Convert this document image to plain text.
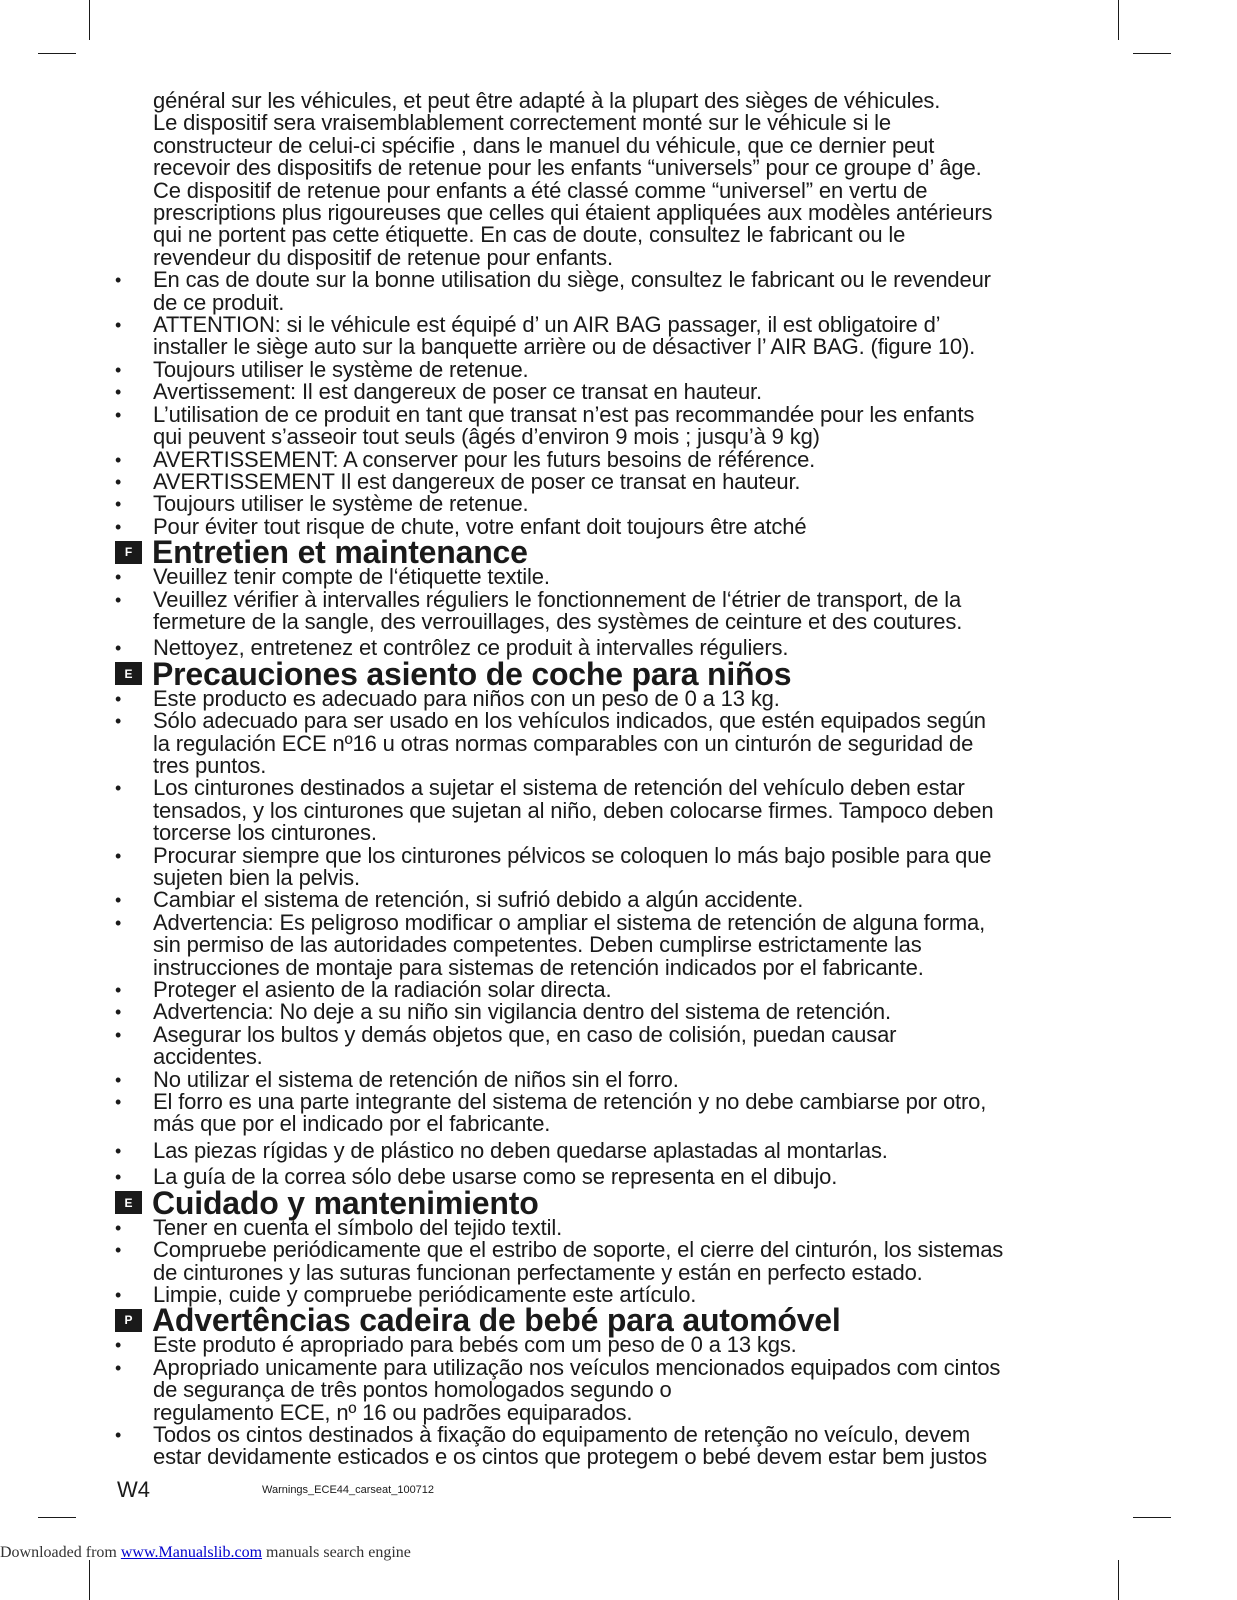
général sur les véhicules, et peut être adapté à la plupart des sièges de véhicules.
Le dispositif sera vraisemblablement correctement monté sur le véhicule si le
constructeur de celui-ci spécifie , dans le manuel du véhicule, que ce dernier peut
recevoir des dispositifs de retenue pour les enfants “universels” pour ce groupe d’ âge.
Ce dispositif de retenue pour enfants a été classé comme “universel” en vertu de
prescriptions plus rigoureuses que celles qui étaient appliquées aux modèles antérieurs
qui ne portent pas cette étiquette. En cas de doute, consultez le fabricant ou le
revendeur du dispositif de retenue pour enfants.

• En cas de doute sur la bonne utilisation du siège, consultez le fabricant ou le revendeur
de ce produit.
• ATTENTION: si le véhicule est équipé d’ un AIR BAG passager, il est obligatoire d’
installer le siège auto sur la banquette arrière ou de désactiver l’ AIR BAG. (figure 10).
• Toujours utiliser le système de retenue.
• Avertissement: Il est dangereux de poser ce transat en hauteur.
• L’utilisation de ce produit en tant que transat n’est pas recommandée pour les enfants
qui peuvent s’asseoir tout seuls (âgés d’environ 9 mois ; jusqu’à 9 kg)
• AVERTISSEMENT: A conserver pour les futurs besoins de référence.
• AVERTISSEMENT Il est dangereux de poser ce transat en hauteur.
• Toujours utiliser le système de retenue.
• Pour éviter tout risque de chute, votre enfant doit toujours être atché
F Entretien et maintenance
• Veuillez tenir compte de l‘étiquette textile.
• Veuillez vérifier à intervalles réguliers le fonctionnement de l‘étrier de transport, de la
fermeture de la sangle, des verrouillages, des systèmes de ceinture et des coutures.
• Nettoyez, entretenez et contrôlez ce produit à intervalles réguliers.
E Precauciones asiento de coche para niños
• Este producto es adecuado para niños con un peso de 0 a 13 kg.
• Sólo adecuado para ser usado en los vehículos indicados, que estén equipados según
la regulación ECE nº16 u otras normas comparables con un cinturón de seguridad de
tres puntos.
• Los cinturones destinados a sujetar el sistema de retención del vehículo deben estar
tensados, y los cinturones que sujetan al niño, deben colocarse firmes. Tampoco deben
torcerse los cinturones.
• Procurar siempre que los cinturones pélvicos se coloquen lo más bajo posible para que
sujeten bien la pelvis.
• Cambiar el sistema de retención, si sufrió debido a algún accidente.
• Advertencia: Es peligroso modificar o ampliar el sistema de retención de alguna forma,
sin permiso de las autoridades competentes. Deben cumplirse estrictamente las
instrucciones de montaje para sistemas de retención indicados por el fabricante.
• Proteger el asiento de la radiación solar directa.
• Advertencia: No deje a su niño sin vigilancia dentro del sistema de retención.
• Asegurar los bultos y demás objetos que, en caso de colisión, puedan causar
accidentes.
• No utilizar el sistema de retención de niños sin el forro.
• El forro es una parte integrante del sistema de retención y no debe cambiarse por otro,
más que por el indicado por el fabricante.
• Las piezas rígidas y de plástico no deben quedarse aplastadas al montarlas.
• La guía de la correa sólo debe usarse como se representa en el dibujo.
E Cuidado y mantenimiento
• Tener en cuenta el símbolo del tejido textil.
• Compruebe periódicamente que el estribo de soporte, el cierre del cinturón, los sistemas
de cinturones y las suturas funcionan perfectamente y están en perfecto estado.
• Limpie, cuide y compruebe periódicamente este artículo.
P Advertências cadeira de bebé para automóvel
• Este produto é apropriado para bebés com um peso de 0 a 13 kgs.
• Apropriado unicamente para utilização nos veículos mencionados equipados com cintos
de segurança de três pontos homologados segundo o
regulamento ECE, nº 16 ou padrões equiparados.
• Todos os cintos destinados à fixação do equipamento de retenção no veículo, devem
estar devidamente esticados e os cintos que protegem o bebé devem estar bem justos
W4	Warnings_ECE44_carseat_100712
Downloaded from www.Manualslib.com manuals search engine
